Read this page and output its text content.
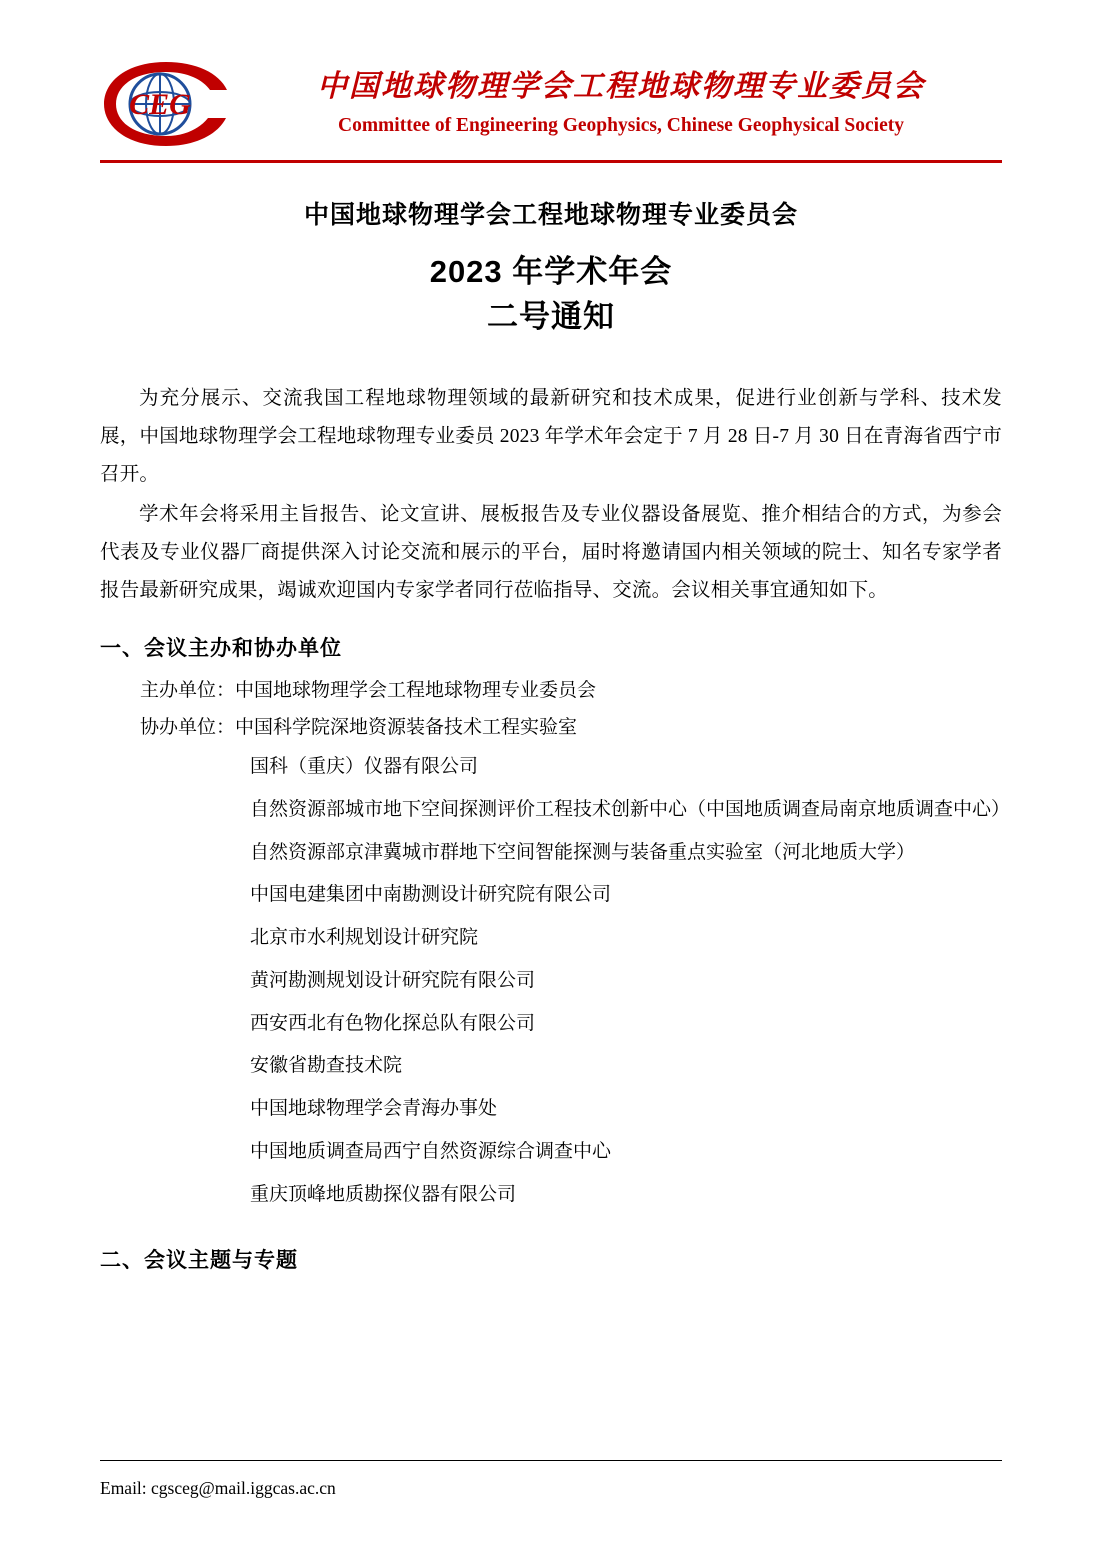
CEG
中国地球物理学会工程地球物理专业委员会
Committee of Engineering Geophysics, Chinese Geophysical Society
中国地球物理学会工程地球物理专业委员会
2023 年学术年会
二号通知

为充分展示、交流我国工程地球物理领域的最新研究和技术成果，促进行业创新与学科、技术发展，中国地球物理学会工程地球物理专业委员 2023 年学术年会定于 7 月 28 日-7 月 30 日在青海省西宁市召开。

学术年会将采用主旨报告、论文宣讲、展板报告及专业仪器设备展览、推介相结合的方式，为参会代表及专业仪器厂商提供深入讨论交流和展示的平台，届时将邀请国内相关领域的院士、知名专家学者报告最新研究成果，竭诚欢迎国内专家学者同行莅临指导、交流。会议相关事宜通知如下。

一、会议主办和协办单位
主办单位：中国地球物理学会工程地球物理专业委员会
协办单位：中国科学院深地资源装备技术工程实验室
国科（重庆）仪器有限公司
自然资源部城市地下空间探测评价工程技术创新中心（中国地质调查局南京地质调查中心）
自然资源部京津冀城市群地下空间智能探测与装备重点实验室（河北地质大学）
中国电建集团中南勘测设计研究院有限公司
北京市水利规划设计研究院
黄河勘测规划设计研究院有限公司
西安西北有色物化探总队有限公司
安徽省勘查技术院
中国地球物理学会青海办事处
中国地质调查局西宁自然资源综合调查中心
重庆顶峰地质勘探仪器有限公司
二、会议主题与专题
Email: cgsceg@mail.iggcas.ac.cn
